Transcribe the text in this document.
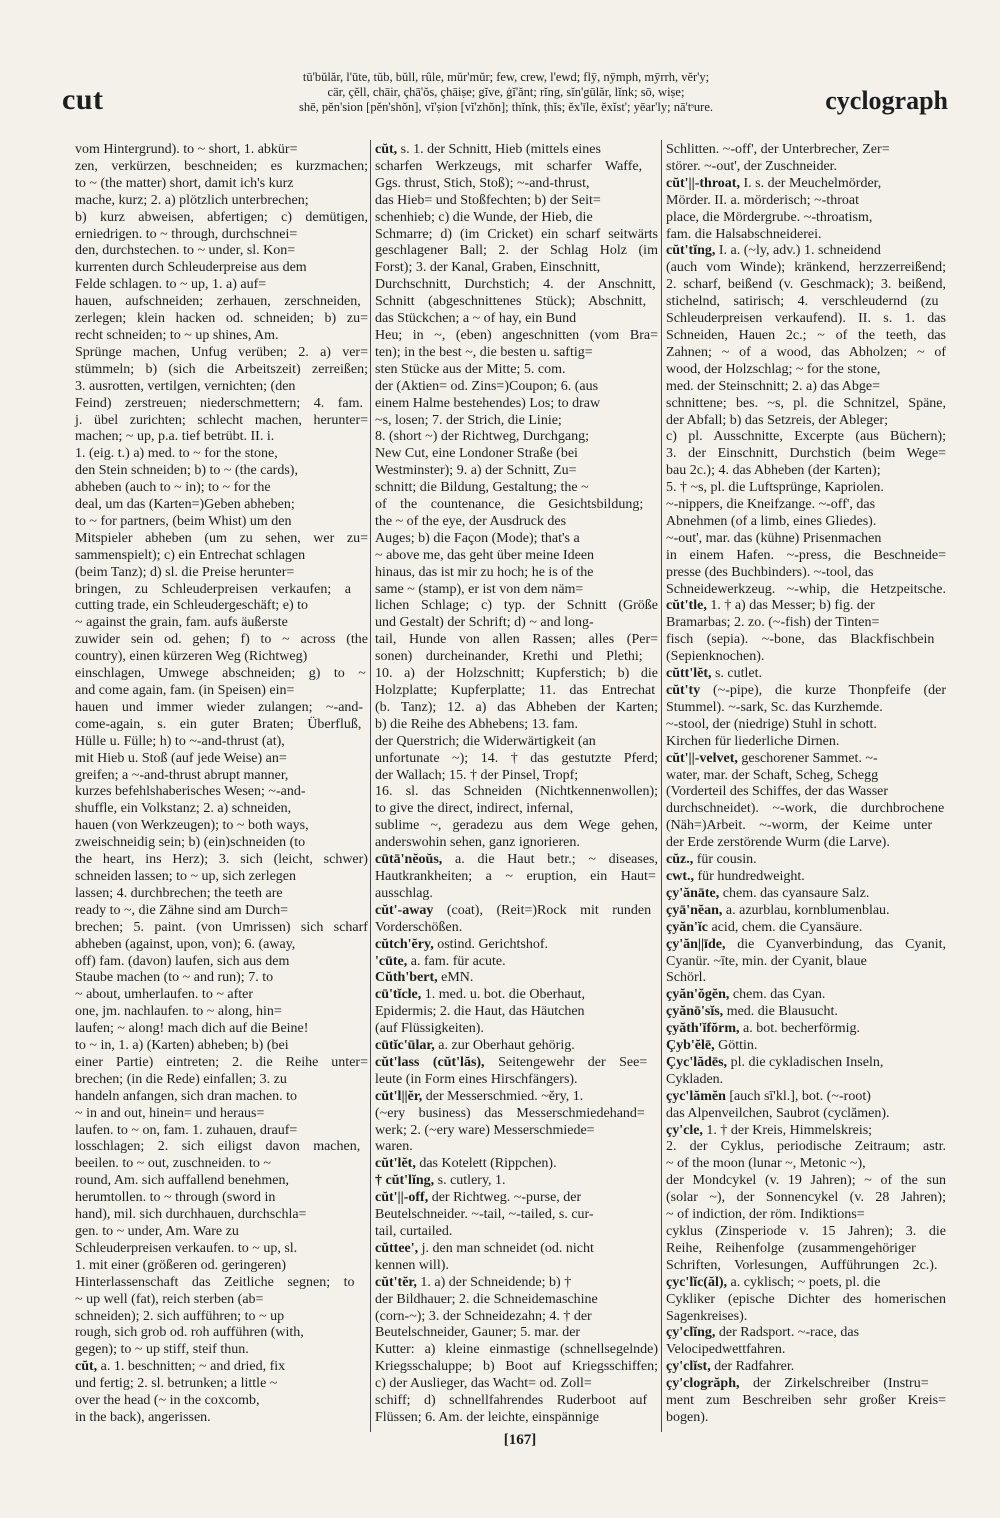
cut
tū'bŭlăr, l'ūte, tŭb, bŭll, rûle, mŭr'mŭr; few, crew, l'ewd; flȳ, nȳmph, mȳrrh, vĕr'y;
cär, çĕll, chāir, çhā'ŏs, çhāiṣe; gĭve, ġĭ'ănt; rĭng, sĭn'gūlăr, lĭnk; sō, wiṣe;
shē, pĕn'sion [pĕn'shŏn], vĭ'ṣion [vĭ'zhŏn]; thĭnk, ṭhĭs; ĕx'īle, ĕxĭst'; yēar'ly; nā'tˢure.	cyclograph
vom Hintergrund). to ~ short, 1. abkür=
zen, verkürzen, beschneiden; es kurzmachen;
to ~ (the matter) short, damit ich's kurz
mache, kurz; 2. a) plötzlich unterbrechen;
b) kurz abweisen, abfertigen; c) demütigen,
erniedrigen. to ~ through, durchschnei=
den, durchstechen. to ~ under, sl. Kon=
kurrenten durch Schleuderpreise aus dem
Felde schlagen. to ~ up, 1. a) auf=
hauen, aufschneiden; zerhauen, zerschneiden,
zerlegen; klein hacken od. schneiden; b) zu=
recht schneiden; to ~ up shines, Am.
Sprünge machen, Unfug verüben; 2. a) ver=
stümmeln; b) (sich die Arbeitszeit) zerreißen;
3. ausrotten, vertilgen, vernichten; (den
Feind) zerstreuen; niederschmettern; 4. fam.
j. übel zurichten; schlecht machen, herunter=
machen; ~ up, p.a. tief betrübt. II. i.
1. (eig. t.) a) med. to ~ for the stone,
den Stein schneiden; b) to ~ (the cards),
abheben (auch to ~ in); to ~ for the
deal, um das (Karten=)Geben abheben;
to ~ for partners, (beim Whist) um den
Mitspieler abheben (um zu sehen, wer zu=
sammenspielt); c) ein Entrechat schlagen
(beim Tanz); d) sl. die Preise herunter=
bringen, zu Schleuderpreisen verkaufen; a
cutting trade, ein Schleudergeschäft; e) to
~ against the grain, fam. aufs äußerste
zuwider sein od. gehen; f) to ~ across (the
country), einen kürzeren Weg (Richtweg)
einschlagen, Umwege abschneiden; g) to ~
and come again, fam. (in Speisen) ein=
hauen und immer wieder zulangen; ~-and-
come-again, s. ein guter Braten; Überfluß,
Hülle u. Fülle; h) to ~-and-thrust (at),
mit Hieb u. Stoß (auf jede Weise) an=
greifen; a ~-and-thrust abrupt manner,
kurzes befehlshaberisches Wesen; ~-and-
shuffle, ein Volkstanz; 2. a) schneiden,
hauen (von Werkzeugen); to ~ both ways,
zweischneidig sein; b) (ein)schneiden (to
the heart, ins Herz); 3. sich (leicht, schwer)
schneiden lassen; to ~ up, sich zerlegen
lassen; 4. durchbrechen; the teeth are
ready to ~, die Zähne sind am Durch=
brechen; 5. paint. (von Umrissen) sich scharf
abheben (against, upon, von); 6. (away,
off) fam. (davon) laufen, sich aus dem
Staube machen (to ~ and run); 7. to
~ about, umherlaufen. to ~ after
one, jm. nachlaufen. to ~ along, hin=
laufen; ~ along! mach dich auf die Beine!
to ~ in, 1. a) (Karten) abheben; b) (bei
einer Partie) eintreten; 2. die Reihe unter=
brechen; (in die Rede) einfallen; 3. zu
handeln anfangen, sich dran machen. to
~ in and out, hinein= und heraus=
laufen. to ~ on, fam. 1. zuhauen, drauf=
losschlagen; 2. sich eiligst davon machen,
beeilen. to ~ out, zuschneiden. to ~
round, Am. sich auffallend benehmen,
herumtollen. to ~ through (sword in
hand), mil. sich durchhauen, durchschla=
gen. to ~ under, Am. Ware zu
Schleuderpreisen verkaufen. to ~ up, sl.
1. mit einer (größeren od. geringeren)
Hinterlassenschaft das Zeitliche segnen; to
~ up well (fat), reich sterben (ab=
schneiden); 2. sich aufführen; to ~ up
rough, sich grob od. roh aufführen (with,
gegen); to ~ up stiff, steif thun.
cŭt, a. 1. beschnitten; ~ and dried, fix
und fertig; 2. sl. betrunken; a little ~
over the head (~ in the coxcomb,
in the back), angerissen.
cŭt, s. 1. der Schnitt, Hieb (mittels eines
scharfen Werkzeugs, mit scharfer Waffe,
Ggs. thrust, Stich, Stoß); ~-and-thrust,
das Hieb= und Stoßfechten; b) der Seit=
schenhieb; c) die Wunde, der Hieb, die
Schmarre; d) (im Cricket) ein scharf seitwärts
geschlagener Ball; 2. der Schlag Holz (im
Forst); 3. der Kanal, Graben, Einschnitt,
Durchschnitt, Durchstich; 4. der Anschnitt,
Schnitt (abgeschnittenes Stück); Abschnitt,
das Stückchen; a ~ of hay, ein Bund
Heu; in ~, (eben) angeschnitten (vom Bra=
ten); in the best ~, die besten u. saftig=
sten Stücke aus der Mitte; 5. com.
der (Aktien= od. Zins=)Coupon; 6. (aus
einem Halme bestehendes) Los; to draw
~s, losen; 7. der Strich, die Linie;
8. (short ~) der Richtweg, Durchgang;
New Cut, eine Londoner Straße (bei
Westminster); 9. a) der Schnitt, Zu=
schnitt; die Bildung, Gestaltung; the ~
of the countenance, die Gesichtsbildung;
the ~ of the eye, der Ausdruck des
Auges; b) die Façon (Mode); that's a
~ above me, das geht über meine Ideen
hinaus, das ist mir zu hoch; he is of the
same ~ (stamp), er ist von dem näm=
lichen Schlage; c) typ. der Schnitt (Größe
und Gestalt) der Schrift; d) ~ and long-
tail, Hunde von allen Rassen; alles (Per=
sonen) durcheinander, Krethi und Plethi;
10. a) der Holzschnitt; Kupferstich; b) die
Holzplatte; Kupferplatte; 11. das Entrechat
(b. Tanz); 12. a) das Abheben der Karten;
b) die Reihe des Abhebens; 13. fam.
der Querstrich; die Widerwärtigkeit (an
unfortunate ~); 14. † das gestutzte Pferd;
der Wallach; 15. † der Pinsel, Tropf;
16. sl. das Schneiden (Nichtkennenwollen);
to give the direct, indirect, infernal,
sublime ~, geradezu aus dem Wege gehen,
anderswohin sehen, ganz ignorieren.
cūtā'nĕoŭs, a. die Haut betr.; ~ diseases,
Hautkrankheiten; a ~ eruption, ein Haut=
ausschlag.
cŭt'-away (coat), (Reit=)Rock mit runden
Vorderschößen.
cŭtch'ĕry, ostind. Gerichtshof.
'cūte, a. fam. für acute.
Cŭth'bert, eMN.
cū'tĭcle, 1. med. u. bot. die Oberhaut,
Epidermis; 2. die Haut, das Häutchen
(auf Flüssigkeiten).
cūtĭc'ūlar, a. zur Oberhaut gehörig.
cŭt'lass (cŭt'lăs), Seitengewehr der See=
leute (in Form eines Hirschfängers).
cŭt'l||ĕr, der Messerschmied. ~ĕry, 1.
(~ery business) das Messerschmiedehand=
werk; 2. (~ery ware) Messerschmiede=
waren.
cŭt'lĕt, das Kotelett (Rippchen).
† cŭt'lĭng, s. cutlery, 1.
cŭt'||-off, der Richtweg. ~-purse, der
Beutelschneider. ~-tail, ~-tailed, s. cur-
tail, curtailed.
cŭttee', j. den man schneidet (od. nicht
kennen will).
cŭt'tĕr, 1. a) der Schneidende; b) †
der Bildhauer; 2. die Schneidemaschine
(corn-~); 3. der Schneidezahn; 4. † der
Beutelschneider, Gauner; 5. mar. der
Kutter: a) kleine einmastige (schnellsegelnde)
Kriegsschaluppe; b) Boot auf Kriegsschiffen;
c) der Auslieger, das Wacht= od. Zoll=
schiff; d) schnellfahrendes Ruderboot auf
Flüssen; 6. Am. der leichte, einspännige
Schlitten. ~-off', der Unterbrecher, Zer=
störer. ~-out', der Zuschneider.
cŭt'||-throat, I. s. der Meuchelmörder,
Mörder. II. a. mörderisch; ~-throat
place, die Mördergrube. ~-throatism,
fam. die Halsabschneiderei.
cŭt'tĭng, I. a. (~ly, adv.) 1. schneidend
(auch vom Winde); kränkend, herzzerreißend;
2. scharf, beißend (v. Geschmack); 3. beißend,
stichelnd, satirisch; 4. verschleudernd (zu
Schleuderpreisen verkaufend). II. s. 1. das
Schneiden, Hauen 2c.; ~ of the teeth, das
Zahnen; ~ of a wood, das Abholzen; ~ of
wood, der Holzschlag; ~ for the stone,
med. der Steinschnitt; 2. a) das Abge=
schnittene; bes. ~s, pl. die Schnitzel, Späne,
der Abfall; b) das Setzreis, der Ableger;
c) pl. Ausschnitte, Excerpte (aus Büchern);
3. der Einschnitt, Durchstich (beim Wege=
bau 2c.); 4. das Abheben (der Karten);
5. † ~s, pl. die Luftsprünge, Kapriolen.
~-nippers, die Kneifzange. ~-off', das
Abnehmen (of a limb, eines Gliedes).
~-out', mar. das (kühne) Prisenmachen
in einem Hafen. ~-press, die Beschneide=
presse (des Buchbinders). ~-tool, das
Schneidewerkzeug. ~-whip, die Hetzpeitsche.
cŭt'tle, 1. † a) das Messer; b) fig. der
Bramarbas; 2. zo. (~-fish) der Tinten=
fisch (sepia). ~-bone, das Blackfischbein
(Sepienknochen).
cŭtt'lĕt, s. cutlet.
cŭt'ty (~-pipe), die kurze Thonpfeife (der
Stummel). ~-sark, Sc. das Kurzhemde.
~-stool, der (niedrige) Stuhl in schott.
Kirchen für liederliche Dirnen.
cŭt'||-velvet, geschorener Sammet. ~-
water, mar. der Schaft, Scheg, Schegg
(Vorderteil des Schiffes, der das Wasser
durchschneidet). ~-work, die durchbrochene
(Näh=)Arbeit. ~-worm, der Keime unter
der Erde zerstörende Wurm (die Larve).
cŭz., für cousin.
cwt., für hundredweight.
çy'ănāte, chem. das cyansaure Salz.
çyā'nĕan, a. azurblau, kornblumenblau.
çyăn'ĭc acid, chem. die Cyansäure.
çy'ăn||īde, die Cyanverbindung, das Cyanit,
Cyanür. ~īte, min. der Cyanit, blaue
Schörl.
çyăn'ŏgĕn, chem. das Cyan.
çyănō'sĭs, med. die Blausucht.
çyăth'ĭfŏrm, a. bot. becherförmig.
Çyb'ĕlē, Göttin.
Çyc'lădēs, pl. die cykladischen Inseln,
Cykladen.
çyc'lămĕn [auch sī'kl.], bot. (~-root)
das Alpenveilchen, Saubrot (cyclămen).
çy'cle, 1. † der Kreis, Himmelskreis;
2. der Cyklus, periodische Zeitraum; astr.
~ of the moon (lunar ~, Metonic ~),
der Mondcykel (v. 19 Jahren); ~ of the sun
(solar ~), der Sonnencykel (v. 28 Jahren);
~ of indiction, der röm. Indiktions=
cyklus (Zinsperiode v. 15 Jahren); 3. die
Reihe, Reihenfolge (zusammengehöriger
Schriften, Vorlesungen, Aufführungen 2c.).
çyc'lĭc(ăl), a. cyklisch; ~ poets, pl. die
Cykliker (epische Dichter des homerischen
Sagenkreises).
çy'clĭng, der Radsport. ~-race, das
Velocipedwettfahren.
çy'clĭst, der Radfahrer.
çy'clogrăph, der Zirkelschreiber (Instru=
ment zum Beschreiben sehr großer Kreis=
bogen).
[167]
